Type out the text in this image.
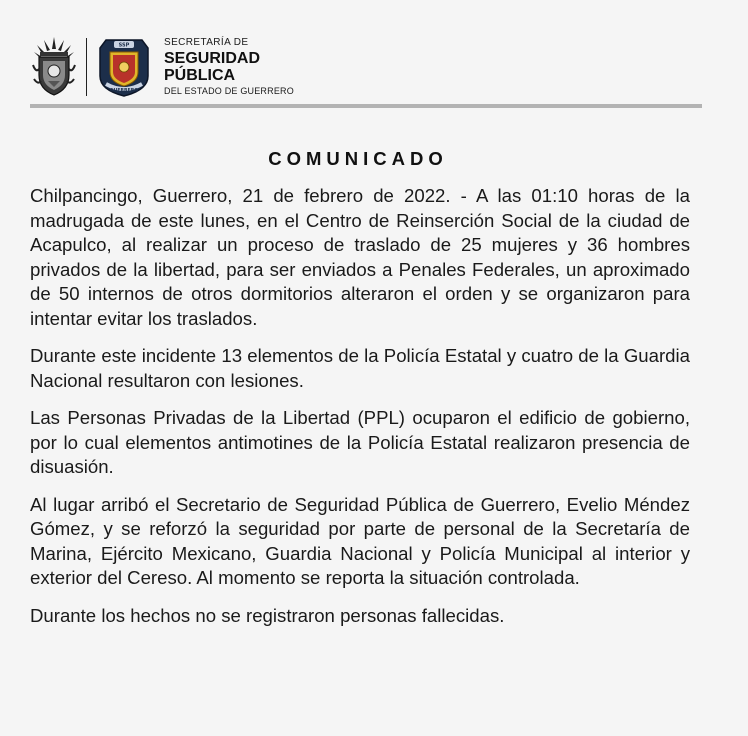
SSP
GUERRERO
SECRETARÍA DE
SEGURIDAD
PÚBLICA
DEL ESTADO DE GUERRERO
COMUNICADO

Chilpancingo, Guerrero, 21 de febrero de 2022. - A las 01:10 horas de la madrugada de este lunes, en el Centro de Reinserción Social de la ciudad de Acapulco, al realizar un proceso de traslado de 25 mujeres y 36 hombres privados de la libertad, para ser enviados a Penales Federales, un aproximado de 50 internos de otros dormitorios alteraron el orden y se organizaron para intentar evitar los traslados.

Durante este incidente 13 elementos de la Policía Estatal y cuatro de la Guardia Nacional resultaron con lesiones.

Las Personas Privadas de la Libertad (PPL) ocuparon el edificio de gobierno, por lo cual elementos antimotines de la Policía Estatal realizaron presencia de disuasión.

Al lugar arribó el Secretario de Seguridad Pública de Guerrero, Evelio Méndez Gómez, y se reforzó la seguridad por parte de personal de la Secretaría de Marina, Ejército Mexicano, Guardia Nacional y Policía Municipal al interior y exterior del Cereso. Al momento se reporta la situación controlada.

Durante los hechos no se registraron personas fallecidas.
